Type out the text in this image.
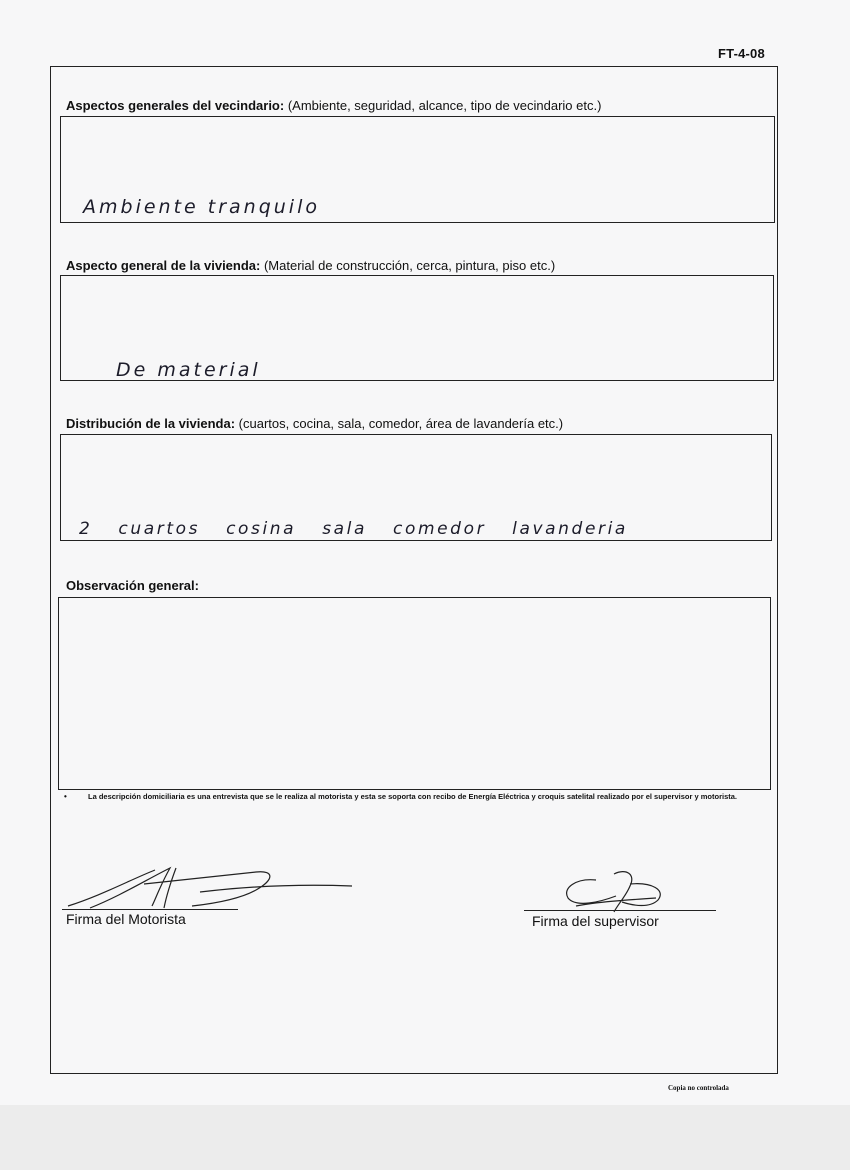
FT-4-08
Aspectos generales del vecindario: (Ambiente, seguridad, alcance, tipo de vecindario etc.)
Ambiente tranquilo
Aspecto general de la vivienda: (Material de construcción, cerca, pintura, piso etc.)
De material
Distribución de la vivienda: (cuartos, cocina, sala, comedor, área de lavandería etc.)
2 cuartos cosina sala comedor lavanderia
Observación general:
•	La descripción domiciliaria es una entrevista que se le realiza al motorista y esta se soporta con recibo de Energía Eléctrica y croquis satelital realizado por el supervisor y motorista.
Firma del Motorista	Firma del supervisor
Copia no controlada
